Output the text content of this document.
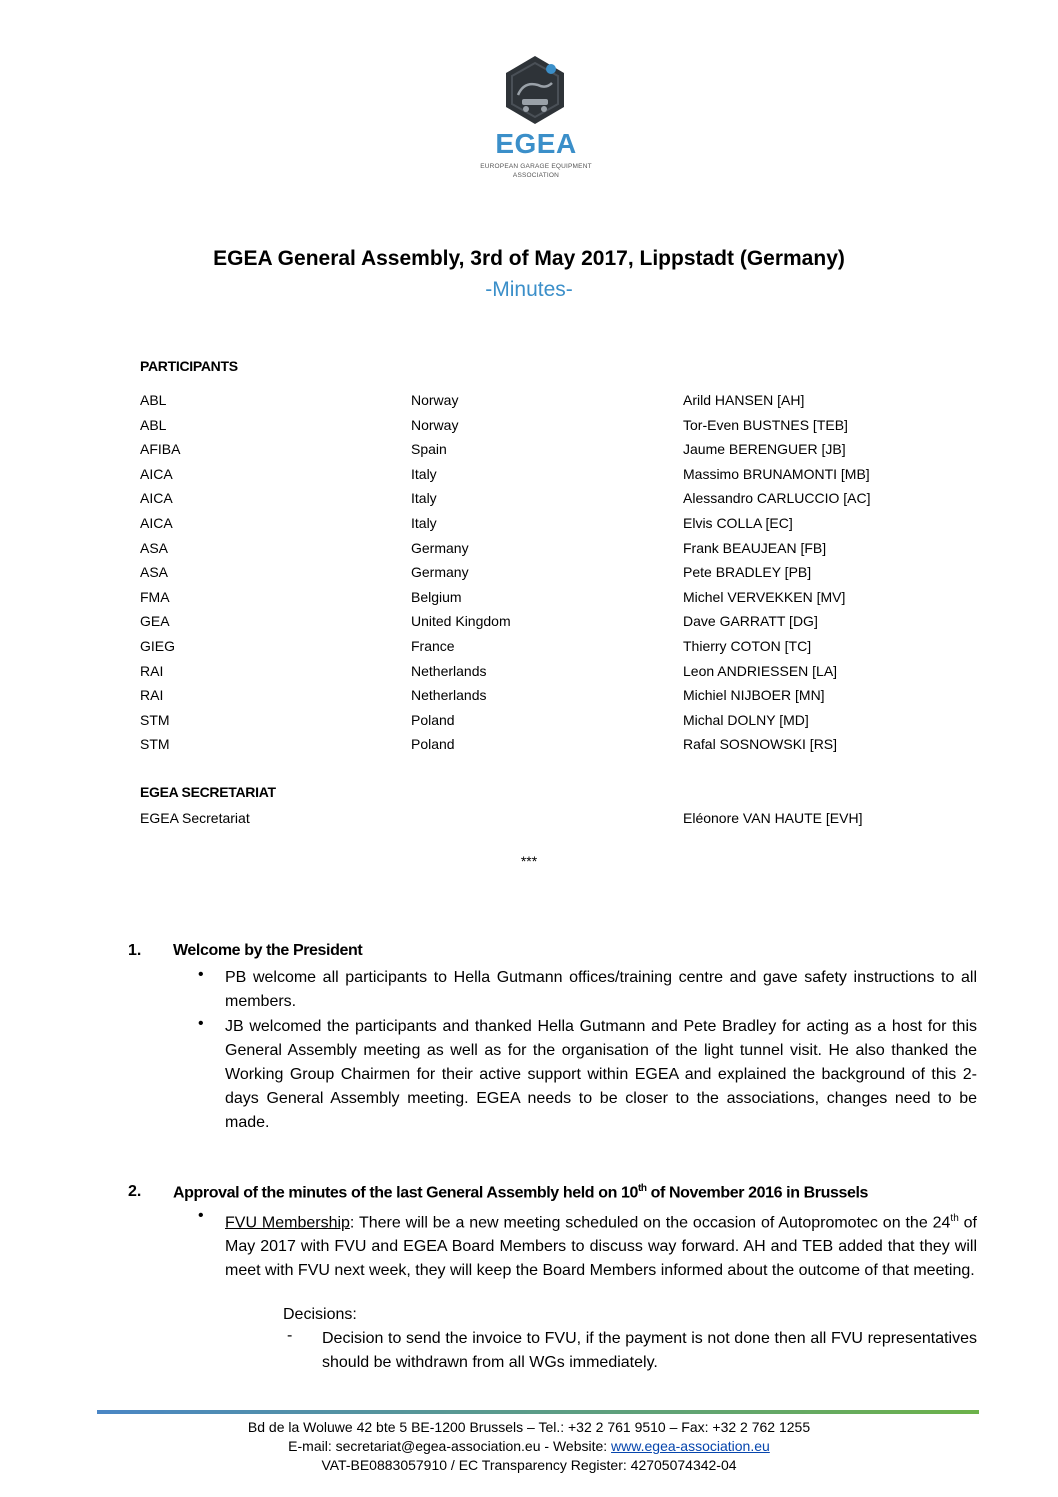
EGEA
EUROPEAN GARAGE EQUIPMENT
ASSOCIATION
EGEA General Assembly, 3rd of May 2017, Lippstadt (Germany)
-Minutes-
PARTICIPANTS
ABL	Norway	Arild HANSEN [AH]
ABL	Norway	Tor-Even BUSTNES [TEB]
AFIBA	Spain	Jaume BERENGUER [JB]
AICA	Italy	Massimo BRUNAMONTI [MB]
AICA	Italy	Alessandro CARLUCCIO [AC]
AICA	Italy	Elvis COLLA [EC]
ASA	Germany	Frank BEAUJEAN [FB]
ASA	Germany	Pete BRADLEY [PB]
FMA	Belgium	Michel VERVEKKEN [MV]
GEA	United Kingdom	Dave GARRATT [DG]
GIEG	France	Thierry COTON [TC]
RAI	Netherlands	Leon ANDRIESSEN [LA]
RAI	Netherlands	Michiel NIJBOER [MN]
STM	Poland	Michal DOLNY [MD]
STM	Poland	Rafal SOSNOWSKI [RS]
EGEA SECRETARIAT
EGEA Secretariat	Eléonore VAN HAUTE [EVH]
***
1. Welcome by the President
• PB welcome all participants to Hella Gutmann offices/training centre and gave safety instructions to all members.
• JB welcomed the participants and thanked Hella Gutmann and Pete Bradley for acting as a host for this General Assembly meeting as well as for the organisation of the light tunnel visit. He also thanked the Working Group Chairmen for their active support within EGEA and explained the background of this 2-days General Assembly meeting. EGEA needs to be closer to the associations, changes need to be made.
2. Approval of the minutes of the last General Assembly held on 10th of November 2016 in Brussels
• FVU Membership: There will be a new meeting scheduled on the occasion of Autopromotec on the 24th of May 2017 with FVU and EGEA Board Members to discuss way forward. AH and TEB added that they will meet with FVU next week, they will keep the Board Members informed about the outcome of that meeting.
Decisions:
- Decision to send the invoice to FVU, if the payment is not done then all FVU representatives should be withdrawn from all WGs immediately.
Bd de la Woluwe 42 bte 5 BE-1200 Brussels – Tel.: +32 2 761 9510 – Fax: +32 2 762 1255
E-mail: secretariat@egea-association.eu - Website: www.egea-association.eu
VAT-BE0883057910 / EC Transparency Register: 42705074342-04
